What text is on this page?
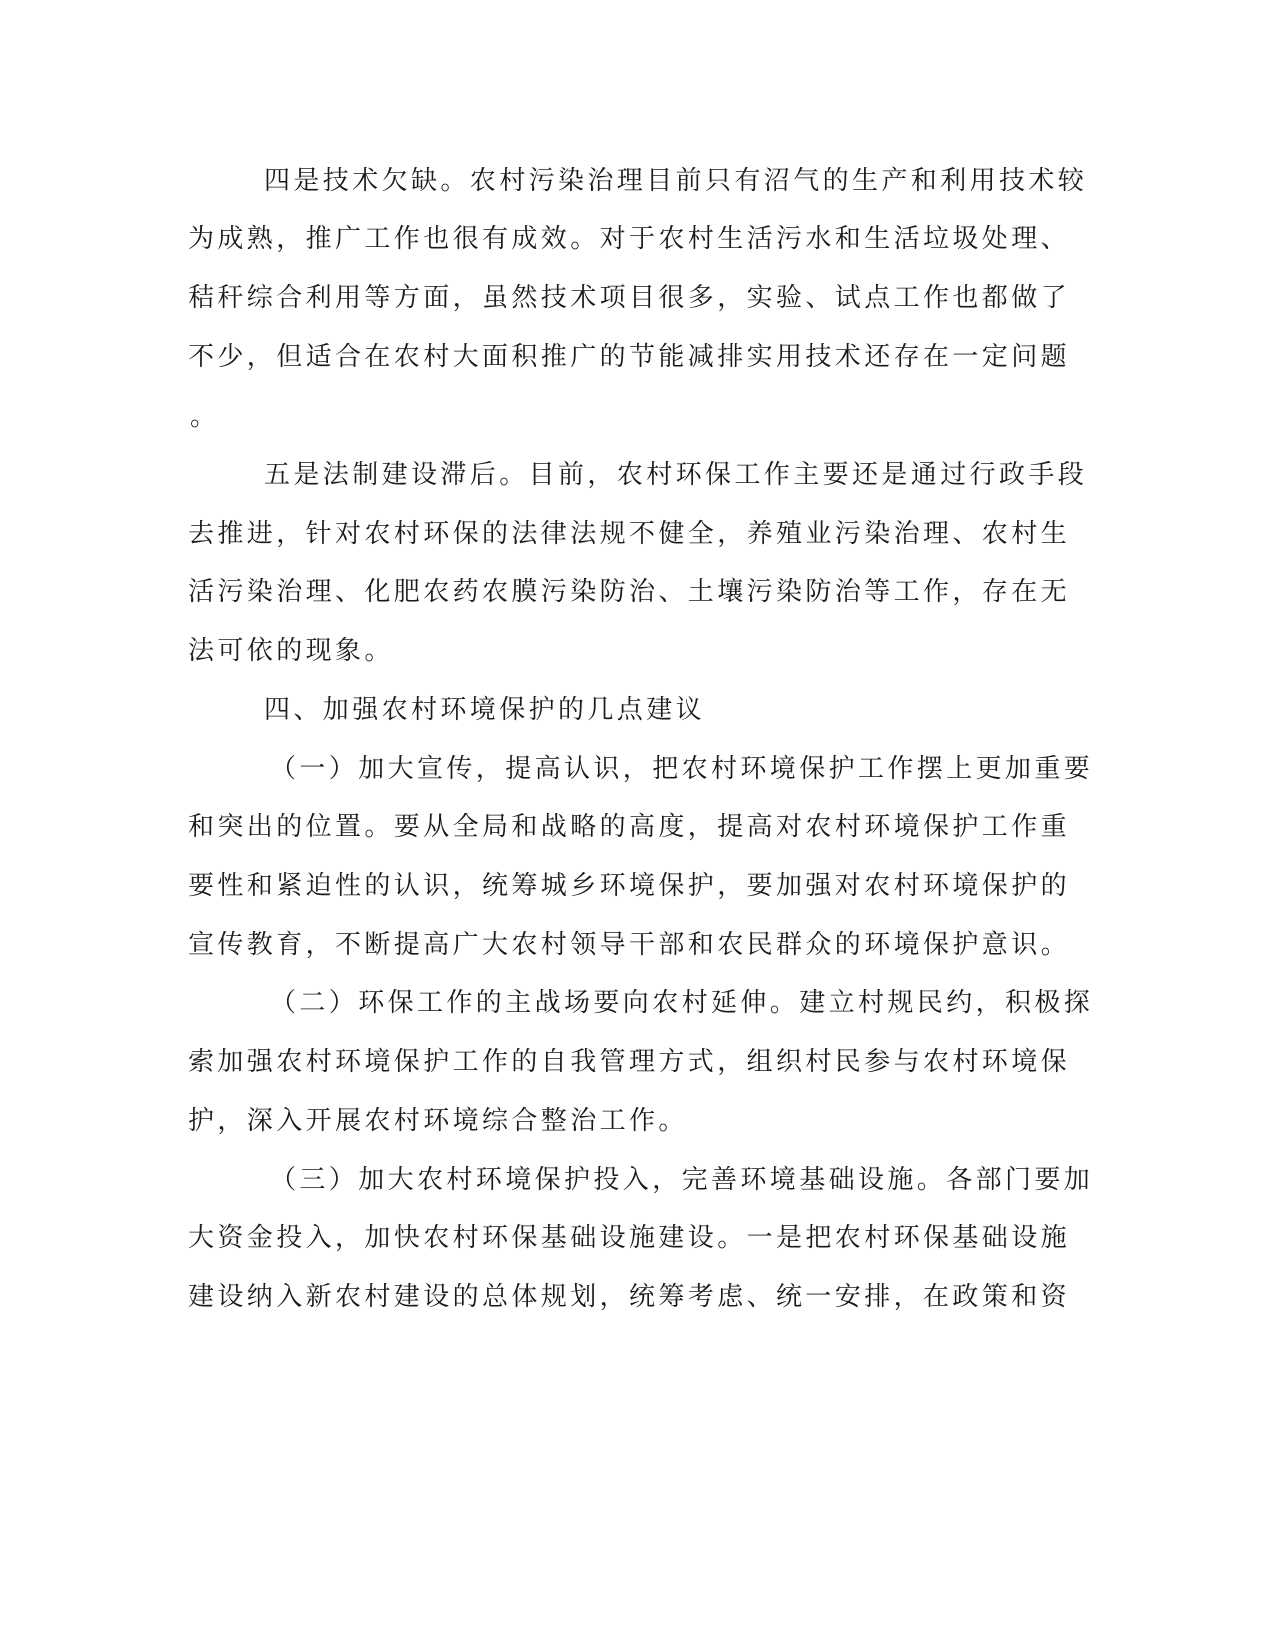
四是技术欠缺。农村污染治理目前只有沼气的生产和利用技术较
为成熟，推广工作也很有成效。对于农村生活污水和生活垃圾处理、
秸秆综合利用等方面，虽然技术项目很多，实验、试点工作也都做了
不少，但适合在农村大面积推广的节能减排实用技术还存在一定问题
。
五是法制建设滞后。目前，农村环保工作主要还是通过行政手段
去推进，针对农村环保的法律法规不健全，养殖业污染治理、农村生
活污染治理、化肥农药农膜污染防治、土壤污染防治等工作，存在无
法可依的现象。
四、加强农村环境保护的几点建议
（一）加大宣传，提高认识，把农村环境保护工作摆上更加重要
和突出的位置。要从全局和战略的高度，提高对农村环境保护工作重
要性和紧迫性的认识，统筹城乡环境保护，要加强对农村环境保护的
宣传教育，不断提高广大农村领导干部和农民群众的环境保护意识。
（二）环保工作的主战场要向农村延伸。建立村规民约，积极探
索加强农村环境保护工作的自我管理方式，组织村民参与农村环境保
护，深入开展农村环境综合整治工作。
（三）加大农村环境保护投入，完善环境基础设施。各部门要加
大资金投入，加快农村环保基础设施建设。一是把农村环保基础设施
建设纳入新农村建设的总体规划，统筹考虑、统一安排，在政策和资
